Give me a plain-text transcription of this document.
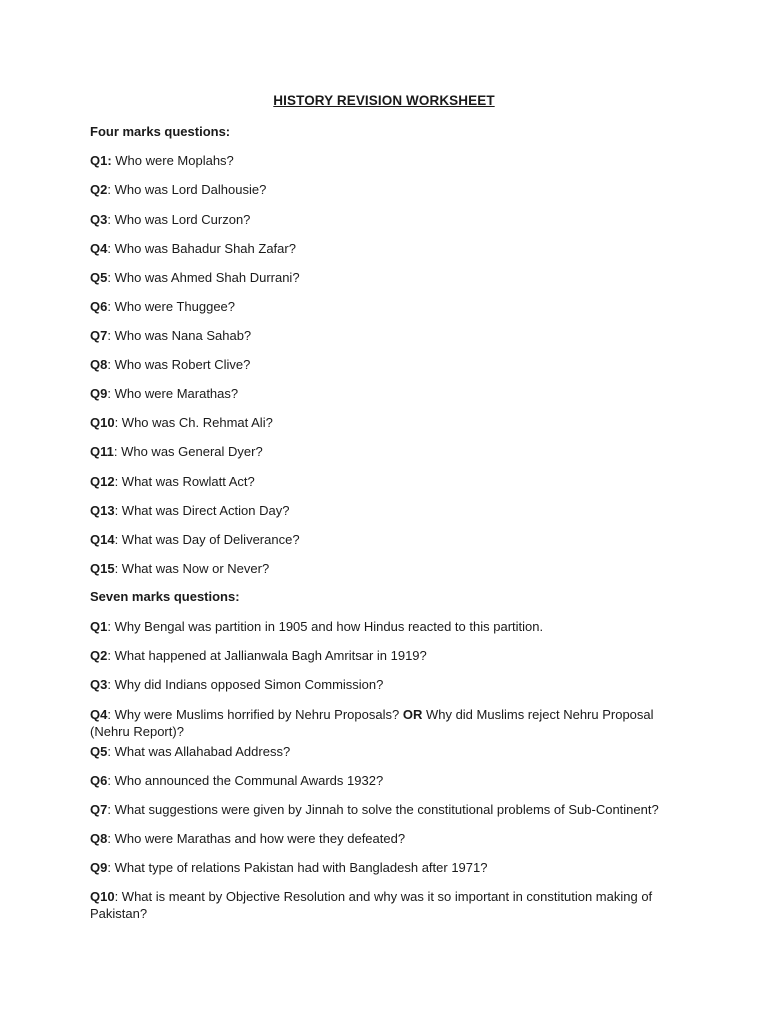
HISTORY REVISION WORKSHEET
Four marks questions:
Q1: Who were Moplahs?
Q2: Who was Lord Dalhousie?
Q3: Who was Lord Curzon?
Q4: Who was Bahadur Shah Zafar?
Q5: Who was Ahmed Shah Durrani?
Q6: Who were Thuggee?
Q7: Who was Nana Sahab?
Q8: Who was Robert Clive?
Q9: Who were Marathas?
Q10: Who was Ch. Rehmat Ali?
Q11: Who was General Dyer?
Q12: What was Rowlatt Act?
Q13: What was Direct Action Day?
Q14: What was Day of Deliverance?
Q15: What was Now or Never?
Seven marks questions:
Q1: Why Bengal was partition in 1905 and how Hindus reacted to this partition.
Q2: What happened at Jallianwala Bagh Amritsar in 1919?
Q3: Why did Indians opposed Simon Commission?
Q4: Why were Muslims horrified by Nehru Proposals? OR Why did Muslims reject Nehru Proposal (Nehru Report)?
Q5: What was Allahabad Address?
Q6: Who announced the Communal Awards 1932?
Q7: What suggestions were given by Jinnah to solve the constitutional problems of Sub-Continent?
Q8: Who were Marathas and how were they defeated?
Q9: What type of relations Pakistan had with Bangladesh after 1971?
Q10: What is meant by Objective Resolution and why was it so important in constitution making of Pakistan?
